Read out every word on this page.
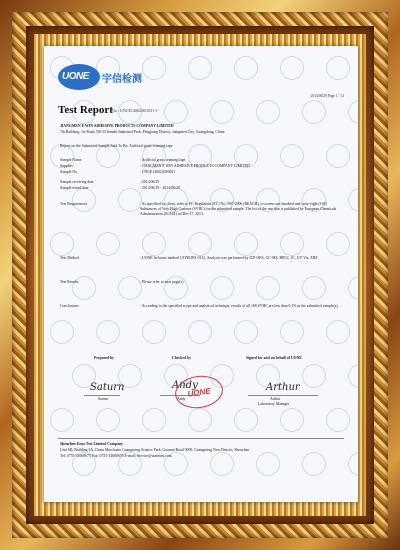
UONE 宇信检测
2014/06/29 Page 1 / 13
Test Report No.: UNCE140623010111-1
JIANGMEN E WIN ADHESIVE PRODUCTS COMPANY LIMITED
7th Building, 1st Road, N0.33 Jianzhi Industrial Park, Pengjiang District, Jiangmen City, Guangdong, China
Report on the Submitted Sample Said To Be: Artificial grass seaming tape
Sample Name	: Artificial grass seaming tape
Supplier	: JIANGMEN E WIN ADHESIVE PRODUCTS COMPANY LIMITED
Sample No.	: UNCE140623010001
Sample receiving date	: 2014/06/19
Sample tested date	: 2014/06/19 - 2014/06/29
Test Requirement	: As specified by client, refer to EC Regulation (EC) No 1907/2006 (REACH), to screen one hundred and sixty-eight (168) Substances of Very High Concern (SVHCs) in the submitted sample. The list of the one that is published by European Chemicals Administration (ECHA) on Dec 17, 2013.
Test Method	: UONE In-house method UONEJPS-0112, Analysis was performed by ICP-OES, GC-MS, HPLC, IC, UV-Vis, XRF.
Test Results	: Please refer to next page(s).
Conclusions	: According to the specified scope and analytical technique, results of all 168 SVHC are less than 0.1% in the submitted sample(s).
Prepared by	Checked by	Signed for and on behalf of UONE
Saturn	Andy	Arthur
Saturn	Andy	Arthur
Laboratory Manager
Shenzhen Uone Test Limited Company
Unit 6D, Building 3A, China Merchants Guangming Science Park, Guanmi Road 3009, Guangming New District, Shenzhen
Tel: 0755-33669675 Fax: 0755-33669676 E-mail: Service@uonetest.com
UONE
